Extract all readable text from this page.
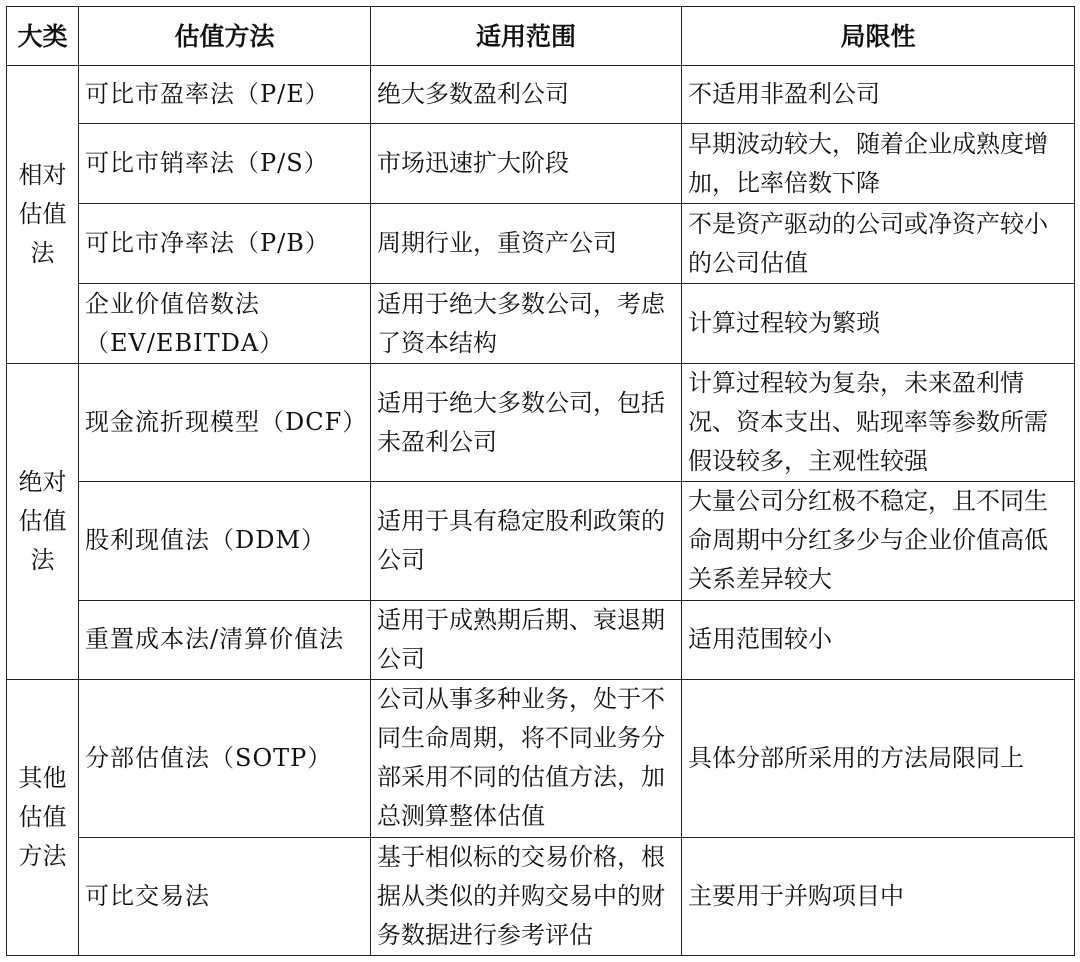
大类	估值方法	适用范围	局限性
相对估值法	可比市盈率法（P/E）	绝大多数盈利公司	不适用非盈利公司
	可比市销率法（P/S）	市场迅速扩大阶段	早期波动较大，随着企业成熟度增加，比率倍数下降
	可比市净率法（P/B）	周期行业，重资产公司	不是资产驱动的公司或净资产较小的公司估值
	企业价值倍数法（EV/EBITDA）	适用于绝大多数公司，考虑了资本结构	计算过程较为繁琐
绝对估值法	现金流折现模型（DCF）	适用于绝大多数公司，包括未盈利公司	计算过程较为复杂，未来盈利情况、资本支出、贴现率等参数所需假设较多，主观性较强
	股利现值法（DDM）	适用于具有稳定股利政策的公司	大量公司分红极不稳定，且不同生命周期中分红多少与企业价值高低关系差异较大
	重置成本法/清算价值法	适用于成熟期后期、衰退期公司	适用范围较小
其他估值方法	分部估值法（SOTP）	公司从事多种业务，处于不同生命周期，将不同业务分部采用不同的估值方法，加总测算整体估值	具体分部所采用的方法局限同上
	可比交易法	基于相似标的交易价格，根据从类似的并购交易中的财务数据进行参考评估	主要用于并购项目中
